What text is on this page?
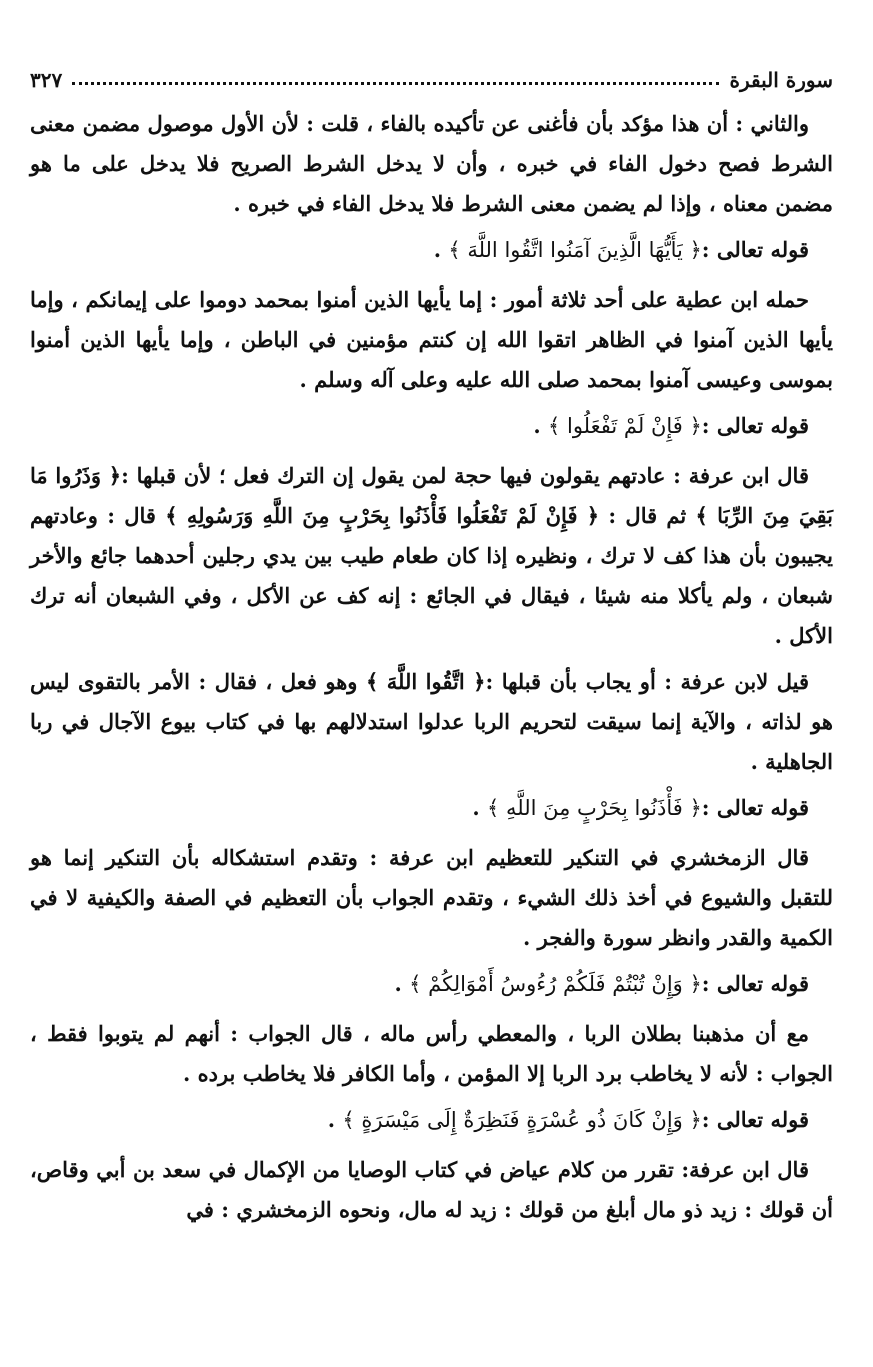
سورة البقرة
٣٢٧

والثاني : أن هذا مؤكد بأن فأغنى عن تأكيده بالفاء ، قلت : لأن الأول موصول مضمن معنى الشرط فصح دخول الفاء في خبره ، وأن لا يدخل الشرط الصريح فلا يدخل على ما هو مضمن معناه ، وإذا لم يضمن معنى الشرط فلا يدخل الفاء في خبره .

قوله تعالى :﴿ يَأَيُّهَا الَّذِينَ آمَنُوا اتَّقُوا اللَّهَ ﴾ .

حمله ابن عطية على أحد ثلاثة أمور : إما يأيها الذين أمنوا بمحمد دوموا على إيمانكم ، وإما يأيها الذين آمنوا في الظاهر اتقوا الله إن كنتم مؤمنين في الباطن ، وإما يأيها الذين أمنوا بموسى وعيسى آمنوا بمحمد صلى الله عليه وعلى آله وسلم .

قوله تعالى :﴿ فَإِنْ لَمْ تَفْعَلُوا ﴾ .

قال ابن عرفة : عادتهم يقولون فيها حجة لمن يقول إن الترك فعل ؛ لأن قبلها :﴿ وَذَرُوا مَا بَقِيَ مِنَ الرِّبَا ﴾ ثم قال : ﴿ فَإِنْ لَمْ تَفْعَلُوا فَأْذَنُوا بِحَرْبٍ مِنَ اللَّهِ وَرَسُولِهِ ﴾ قال : وعادتهم يجيبون بأن هذا كف لا ترك ، ونظيره إذا كان طعام طيب بين يدي رجلين أحدهما جائع والأخر شبعان ، ولم يأكلا منه شيئا ، فيقال في الجائع : إنه كف عن الأكل ، وفي الشبعان أنه ترك الأكل .

قيل لابن عرفة : أو يجاب بأن قبلها :﴿ اتَّقُوا اللَّهَ ﴾ وهو فعل ، فقال : الأمر بالتقوى ليس هو لذاته ، والآية إنما سيقت لتحريم الربا عدلوا استدلالهم بها في كتاب بيوع الآجال في ربا الجاهلية .

قوله تعالى :﴿ فَأْذَنُوا بِحَرْبٍ مِنَ اللَّهِ ﴾ .

قال الزمخشري في التنكير للتعظيم ابن عرفة : وتقدم استشكاله بأن التنكير إنما هو للتقبل والشيوع في أخذ ذلك الشيء ، وتقدم الجواب بأن التعظيم في الصفة والكيفية لا في الكمية والقدر وانظر سورة والفجر .

قوله تعالى :﴿ وَإِنْ تُبْتُمْ فَلَكُمْ رُءُوسُ أَمْوَالِكُمْ ﴾ .

مع أن مذهبنا بطلان الربا ، والمعطي رأس ماله ، قال الجواب : أنهم لم يتوبوا فقط ، الجواب : لأنه لا يخاطب برد الربا إلا المؤمن ، وأما الكافر فلا يخاطب برده .

قوله تعالى :﴿ وَإِنْ كَانَ ذُو عُسْرَةٍ فَنَظِرَةٌ إِلَى مَيْسَرَةٍ ﴾ .

قال ابن عرفة: تقرر من كلام عياض في كتاب الوصايا من الإكمال في سعد بن أبي وقاص، أن قولك : زيد ذو مال أبلغ من قولك : زيد له مال، ونحوه الزمخشري : في
